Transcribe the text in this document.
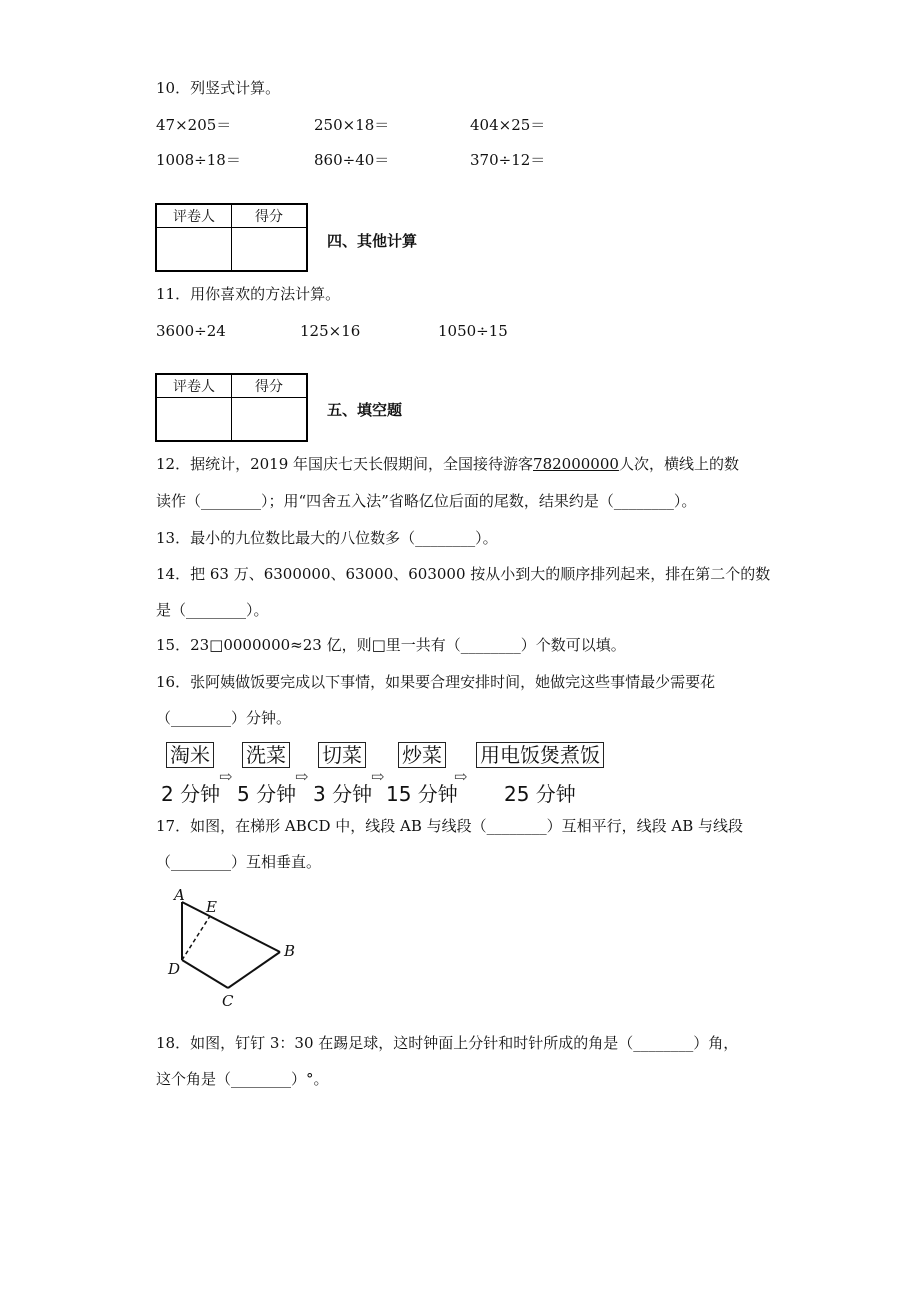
10．列竖式计算。
47×205＝	250×18＝	404×25＝
1008÷18＝	860÷40＝	370÷12＝
评卷人	得分

四、其他计算
11．用你喜欢的方法计算。
3600÷24	125×16	1050÷15
评卷人	得分

五、填空题
12．据统计，2019 年国庆七天长假期间，全国接待游客782000000人次，横线上的数
读作（________）；用“四舍五入法”省略亿位后面的尾数，结果约是（________）。
13．最小的九位数比最大的八位数多（________）。
14．把 63 万、6300000、63000、603000 按从小到大的顺序排列起来，排在第二个的数
是（________）。
15．23□0000000≈23 亿，则□里一共有（________）个数可以填。
16．张阿姨做饭要完成以下事情，如果要合理安排时间，她做完这些事情最少需要花
（________）分钟。
淘米
2 分钟
⇨
洗菜
5 分钟
⇨
切菜
3 分钟
⇨
炒菜
15 分钟
⇨
用电饭煲煮饭
25 分钟
17．如图，在梯形 ABCD 中，线段 AB 与线段（________）互相平行，线段 AB 与线段
（________）互相垂直。
A
E
B
D
C
18．如图，钉钉 3：30 在踢足球，这时钟面上分针和时针所成的角是（________）角，
这个角是（________）°。
